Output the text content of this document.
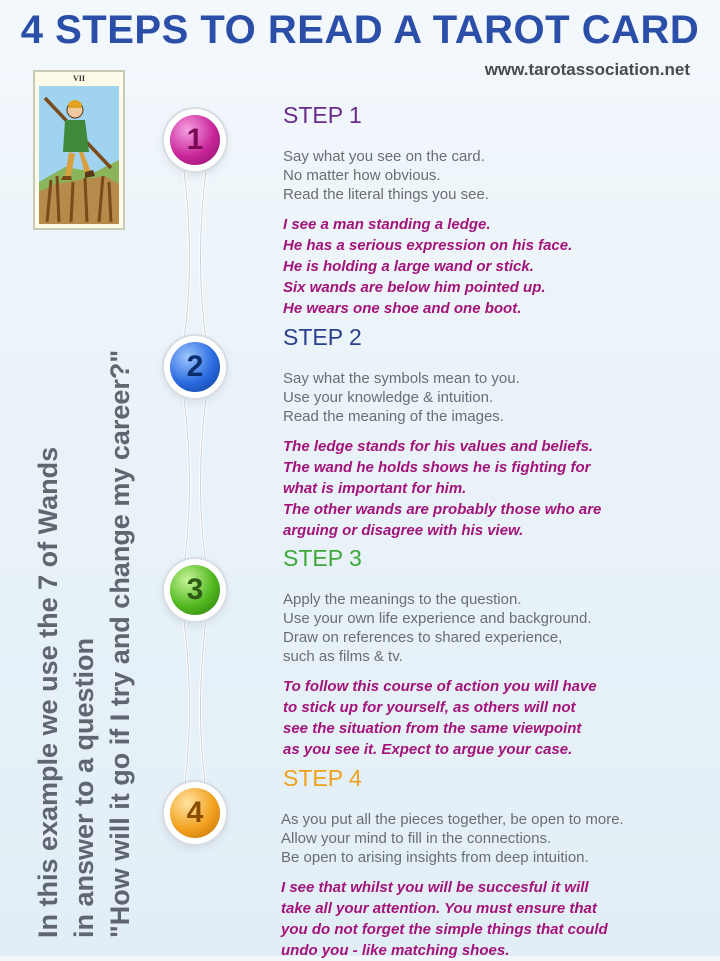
4 STEPS TO READ A TAROT CARD
www.tarotassociation.net
VII
In this example we use the 7 of Wands in answer to a question "How will it go if I try and change my career?"
1
2
3
4
STEP 1
Say what you see on the card.
No matter how obvious.
Read the literal things you see.
I see a man standing a ledge.
He has a serious expression on his face.
He is holding a large wand or stick.
Six wands are below him pointed up.
He wears one shoe and one boot.
STEP 2
Say what the symbols mean to you.
Use your knowledge & intuition.
Read the meaning of the images.
The ledge stands for his values and beliefs.
The wand he holds shows he is fighting for
what is important for him.
The other wands are probably those who are
arguing or disagree with his view.
STEP 3
Apply the meanings to the question.
Use your own life experience and background.
Draw on references to shared experience,
such as films & tv.
To follow this course of action you will have
to stick up for yourself, as others will not
see the situation from the same viewpoint
as you see it. Expect to argue your case.
STEP 4
As you put all the pieces together, be open to more.
Allow your mind to fill in the connections.
Be open to arising insights from deep intuition.
I see that whilst you will be succesful it will
take all your attention. You must ensure that
you do not forget the simple things that could
undo you - like matching shoes.
